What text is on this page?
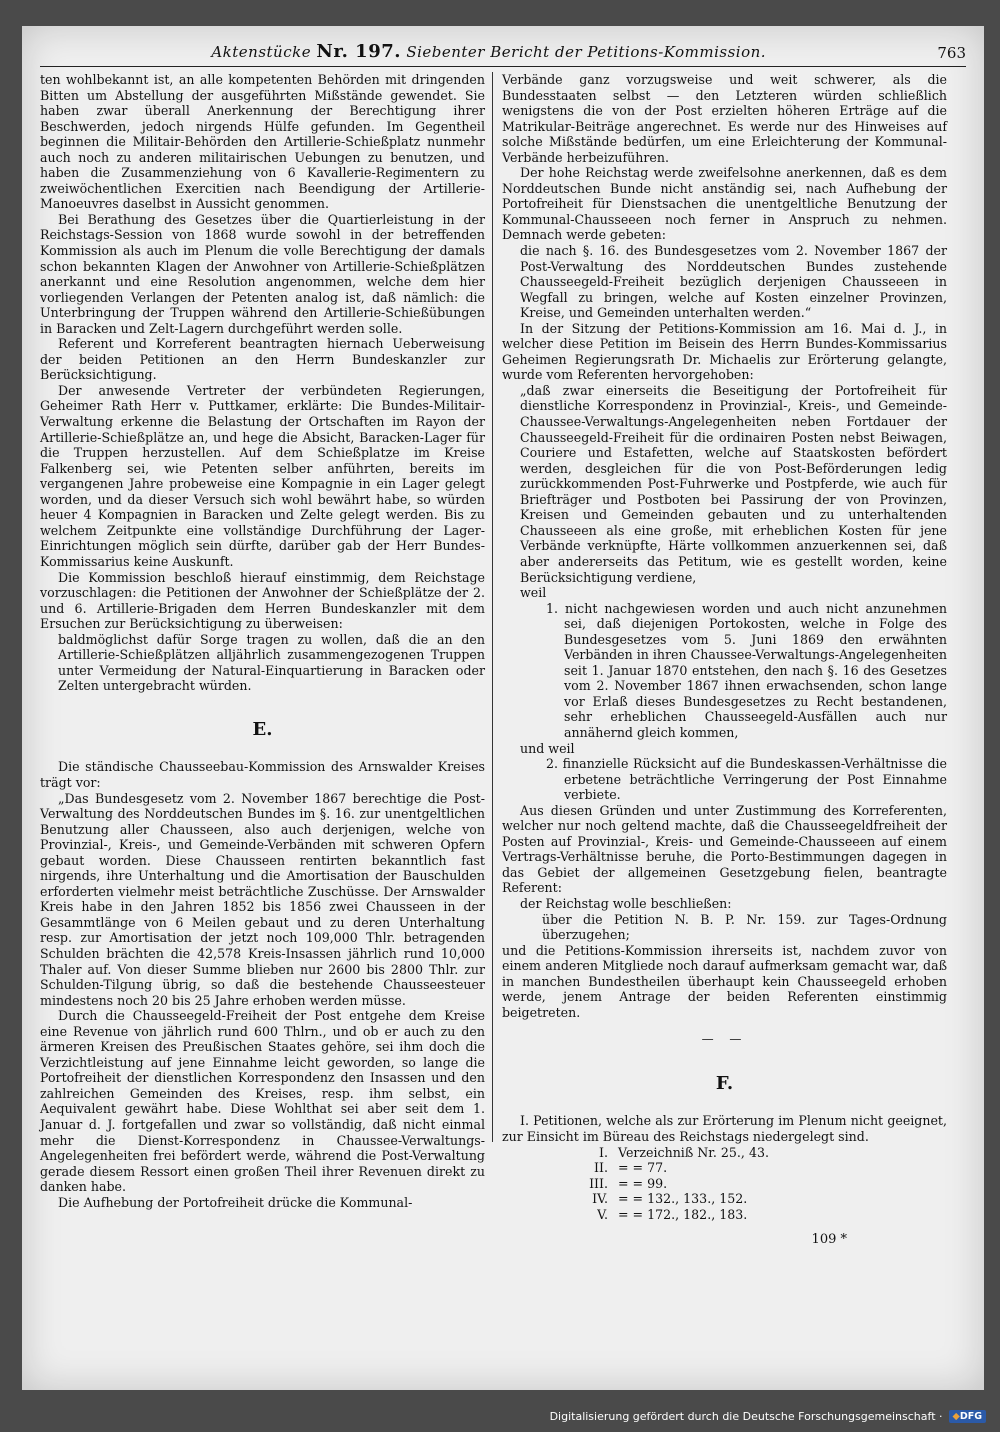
Aktenstücke Nr. 197. Siebenter Bericht der Petitions-Kommission.	763

ten wohlbekannt ist, an alle kompetenten Behörden mit dringenden Bitten um Abstellung der ausgeführten Mißstände gewendet. Sie haben zwar überall Anerkennung der Berechtigung ihrer Beschwerden, jedoch nirgends Hülfe gefunden. Im Gegentheil beginnen die Militair-Behörden den Artillerie-Schießplatz nunmehr auch noch zu anderen militairischen Uebungen zu benutzen, und haben die Zusammenziehung von 6 Kavallerie-Regimentern zu zweiwöchentlichen Exercitien nach Beendigung der Artillerie-Manoeuvres daselbst in Aussicht genommen.

Bei Berathung des Gesetzes über die Quartierleistung in der Reichstags-Session von 1868 wurde sowohl in der betreffenden Kommission als auch im Plenum die volle Berechtigung der damals schon bekannten Klagen der Anwohner von Artillerie-Schießplätzen anerkannt und eine Resolution angenommen, welche dem hier vorliegenden Verlangen der Petenten analog ist, daß nämlich: die Unterbringung der Truppen während den Artillerie-Schießübungen in Baracken und Zelt-Lagern durchgeführt werden solle.

Referent und Korreferent beantragten hiernach Ueberweisung der beiden Petitionen an den Herrn Bundeskanzler zur Berücksichtigung.

Der anwesende Vertreter der verbündeten Regierungen, Geheimer Rath Herr v. Puttkamer, erklärte: Die Bundes-Militair-Verwaltung erkenne die Belastung der Ortschaften im Rayon der Artillerie-Schießplätze an, und hege die Absicht, Baracken-Lager für die Truppen herzustellen. Auf dem Schießplatze im Kreise Falkenberg sei, wie Petenten selber anführten, bereits im vergangenen Jahre probeweise eine Kompagnie in ein Lager gelegt worden, und da dieser Versuch sich wohl bewährt habe, so würden heuer 4 Kompagnien in Baracken und Zelte gelegt werden. Bis zu welchem Zeitpunkte eine vollständige Durchführung der Lager-Einrichtungen möglich sein dürfte, darüber gab der Herr Bundes-Kommissarius keine Auskunft.

Die Kommission beschloß hierauf einstimmig, dem Reichstage vorzuschlagen: die Petitionen der Anwohner der Schießplätze der 2. und 6. Artillerie-Brigaden dem Herren Bundeskanzler mit dem Ersuchen zur Berücksichtigung zu überweisen:

baldmöglichst dafür Sorge tragen zu wollen, daß die an den Artillerie-Schießplätzen alljährlich zusammengezogenen Truppen unter Vermeidung der Natural-Einquartierung in Baracken oder Zelten untergebracht würden.

E.

Die ständische Chausseebau-Kommission des Arnswalder Kreises trägt vor:

„Das Bundesgesetz vom 2. November 1867 berechtige die Post-Verwaltung des Norddeutschen Bundes im §. 16. zur unentgeltlichen Benutzung aller Chausseen, also auch derjenigen, welche von Provinzial-, Kreis-, und Gemeinde-Verbänden mit schweren Opfern gebaut worden. Diese Chausseen rentirten bekanntlich fast nirgends, ihre Unterhaltung und die Amortisation der Bauschulden erforderten vielmehr meist beträchtliche Zuschüsse. Der Arnswalder Kreis habe in den Jahren 1852 bis 1856 zwei Chausseen in der Gesammtlänge von 6 Meilen gebaut und zu deren Unterhaltung resp. zur Amortisation der jetzt noch 109,000 Thlr. betragenden Schulden brächten die 42,578 Kreis-Insassen jährlich rund 10,000 Thaler auf. Von dieser Summe blieben nur 2600 bis 2800 Thlr. zur Schulden-Tilgung übrig, so daß die bestehende Chausseesteuer mindestens noch 20 bis 25 Jahre erhoben werden müsse.

Durch die Chausseegeld-Freiheit der Post entgehe dem Kreise eine Revenue von jährlich rund 600 Thlrn., und ob er auch zu den ärmeren Kreisen des Preußischen Staates gehöre, sei ihm doch die Verzichtleistung auf jene Einnahme leicht geworden, so lange die Portofreiheit der dienstlichen Korrespondenz den Insassen und den zahlreichen Gemeinden des Kreises, resp. ihm selbst, ein Aequivalent gewährt habe. Diese Wohlthat sei aber seit dem 1. Januar d. J. fortgefallen und zwar so vollständig, daß nicht einmal mehr die Dienst-Korrespondenz in Chaussee-Verwaltungs-Angelegenheiten frei befördert werde, während die Post-Verwaltung gerade diesem Ressort einen großen Theil ihrer Revenuen direkt zu danken habe.

Die Aufhebung der Portofreiheit drücke die Kommunal-

Verbände ganz vorzugsweise und weit schwerer, als die Bundesstaaten selbst — den Letzteren würden schließlich wenigstens die von der Post erzielten höheren Erträge auf die Matrikular-Beiträge angerechnet. Es werde nur des Hinweises auf solche Mißstände bedürfen, um eine Erleichterung der Kommunal-Verbände herbeizuführen.

Der hohe Reichstag werde zweifelsohne anerkennen, daß es dem Norddeutschen Bunde nicht anständig sei, nach Aufhebung der Portofreiheit für Dienstsachen die unentgeltliche Benutzung der Kommunal-Chausseeen noch ferner in Anspruch zu nehmen. Demnach werde gebeten:

die nach §. 16. des Bundesgesetzes vom 2. November 1867 der Post-Verwaltung des Norddeutschen Bundes zustehende Chausseegeld-Freiheit bezüglich derjenigen Chausseeen in Wegfall zu bringen, welche auf Kosten einzelner Provinzen, Kreise, und Gemeinden unterhalten werden.“

In der Sitzung der Petitions-Kommission am 16. Mai d. J., in welcher diese Petition im Beisein des Herrn Bundes-Kommissarius Geheimen Regierungsrath Dr. Michaelis zur Erörterung gelangte, wurde vom Referenten hervorgehoben:

„daß zwar einerseits die Beseitigung der Portofreiheit für dienstliche Korrespondenz in Provinzial-, Kreis-, und Gemeinde-Chaussee-Verwaltungs-Angelegenheiten neben Fortdauer der Chausseegeld-Freiheit für die ordinairen Posten nebst Beiwagen, Couriere und Estafetten, welche auf Staatskosten befördert werden, desgleichen für die von Post-Beförderungen ledig zurückkommenden Post-Fuhrwerke und Postpferde, wie auch für Briefträger und Postboten bei Passirung der von Provinzen, Kreisen und Gemeinden gebauten und zu unterhaltenden Chausseeen als eine große, mit erheblichen Kosten für jene Verbände verknüpfte, Härte vollkommen anzuerkennen sei, daß aber andererseits das Petitum, wie es gestellt worden, keine Berücksichtigung verdiene,

weil

1. nicht nachgewiesen worden und auch nicht anzunehmen sei, daß diejenigen Portokosten, welche in Folge des Bundesgesetzes vom 5. Juni 1869 den erwähnten Verbänden in ihren Chaussee-Verwaltungs-Angelegenheiten seit 1. Januar 1870 entstehen, den nach §. 16 des Gesetzes vom 2. November 1867 ihnen erwachsenden, schon lange vor Erlaß dieses Bundesgesetzes zu Recht bestandenen, sehr erheblichen Chausseegeld-Ausfällen auch nur annähernd gleich kommen,

und weil

2. finanzielle Rücksicht auf die Bundeskassen-Verhältnisse die erbetene beträchtliche Verringerung der Post Einnahme verbiete.

Aus diesen Gründen und unter Zustimmung des Korreferenten, welcher nur noch geltend machte, daß die Chausseegeldfreiheit der Posten auf Provinzial-, Kreis- und Gemeinde-Chausseeen auf einem Vertrags-Verhältnisse beruhe, die Porto-Bestimmungen dagegen in das Gebiet der allgemeinen Gesetzgebung fielen, beantragte Referent:

der Reichstag wolle beschließen:

über die Petition N. B. P. Nr. 159. zur Tages-Ordnung überzugehen;

und die Petitions-Kommission ihrerseits ist, nachdem zuvor von einem anderen Mitgliede noch darauf aufmerksam gemacht war, daß in manchen Bundestheilen überhaupt kein Chausseegeld erhoben werde, jenem Antrage der beiden Referenten einstimmig beigetreten.

— —
F.

I. Petitionen, welche als zur Erörterung im Plenum nicht geeignet, zur Einsicht im Büreau des Reichstags niedergelegt sind.

I. Verzeichniß Nr. 25., 43.
II. = = 77.
III. = = 99.
IV. = = 132., 133., 152.
V. = = 172., 182., 183.
109 *
Digitalisierung gefördert durch die Deutsche Forschungsgemeinschaft ·
◆	DFG
